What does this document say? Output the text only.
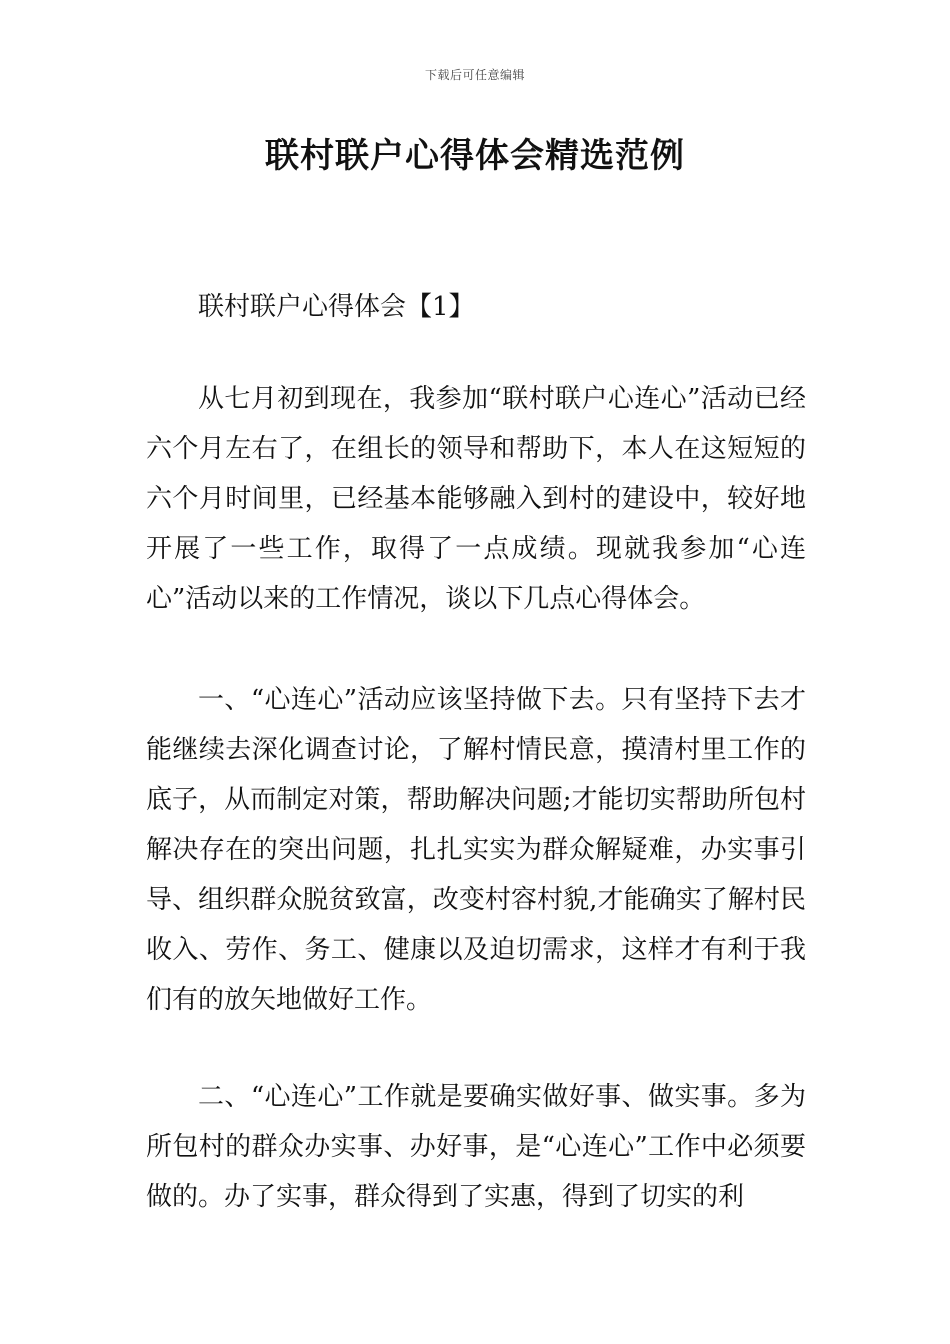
下载后可任意编辑
联村联户心得体会精选范例

联村联户心得体会【1】

从七月初到现在，我参加“联村联户心连心”活动已经六个月左右了，在组长的领导和帮助下，本人在这短短的六个月时间里，已经基本能够融入到村的建设中，较好地开展了一些工作，取得了一点成绩。现就我参加“心连心”活动以来的工作情况，谈以下几点心得体会。

一、“心连心”活动应该坚持做下去。只有坚持下去才能继续去深化调查讨论，了解村情民意，摸清村里工作的底子，从而制定对策，帮助解决问题;才能切实帮助所包村解决存在的突出问题，扎扎实实为群众解疑难，办实事引导、组织群众脱贫致富，改变村容村貌,才能确实了解村民收入、劳作、务工、健康以及迫切需求，这样才有利于我们有的放矢地做好工作。

二、“心连心”工作就是要确实做好事、做实事。多为所包村的群众办实事、办好事，是“心连心”工作中必须要做的。办了实事，群众得到了实惠，得到了切实的利
